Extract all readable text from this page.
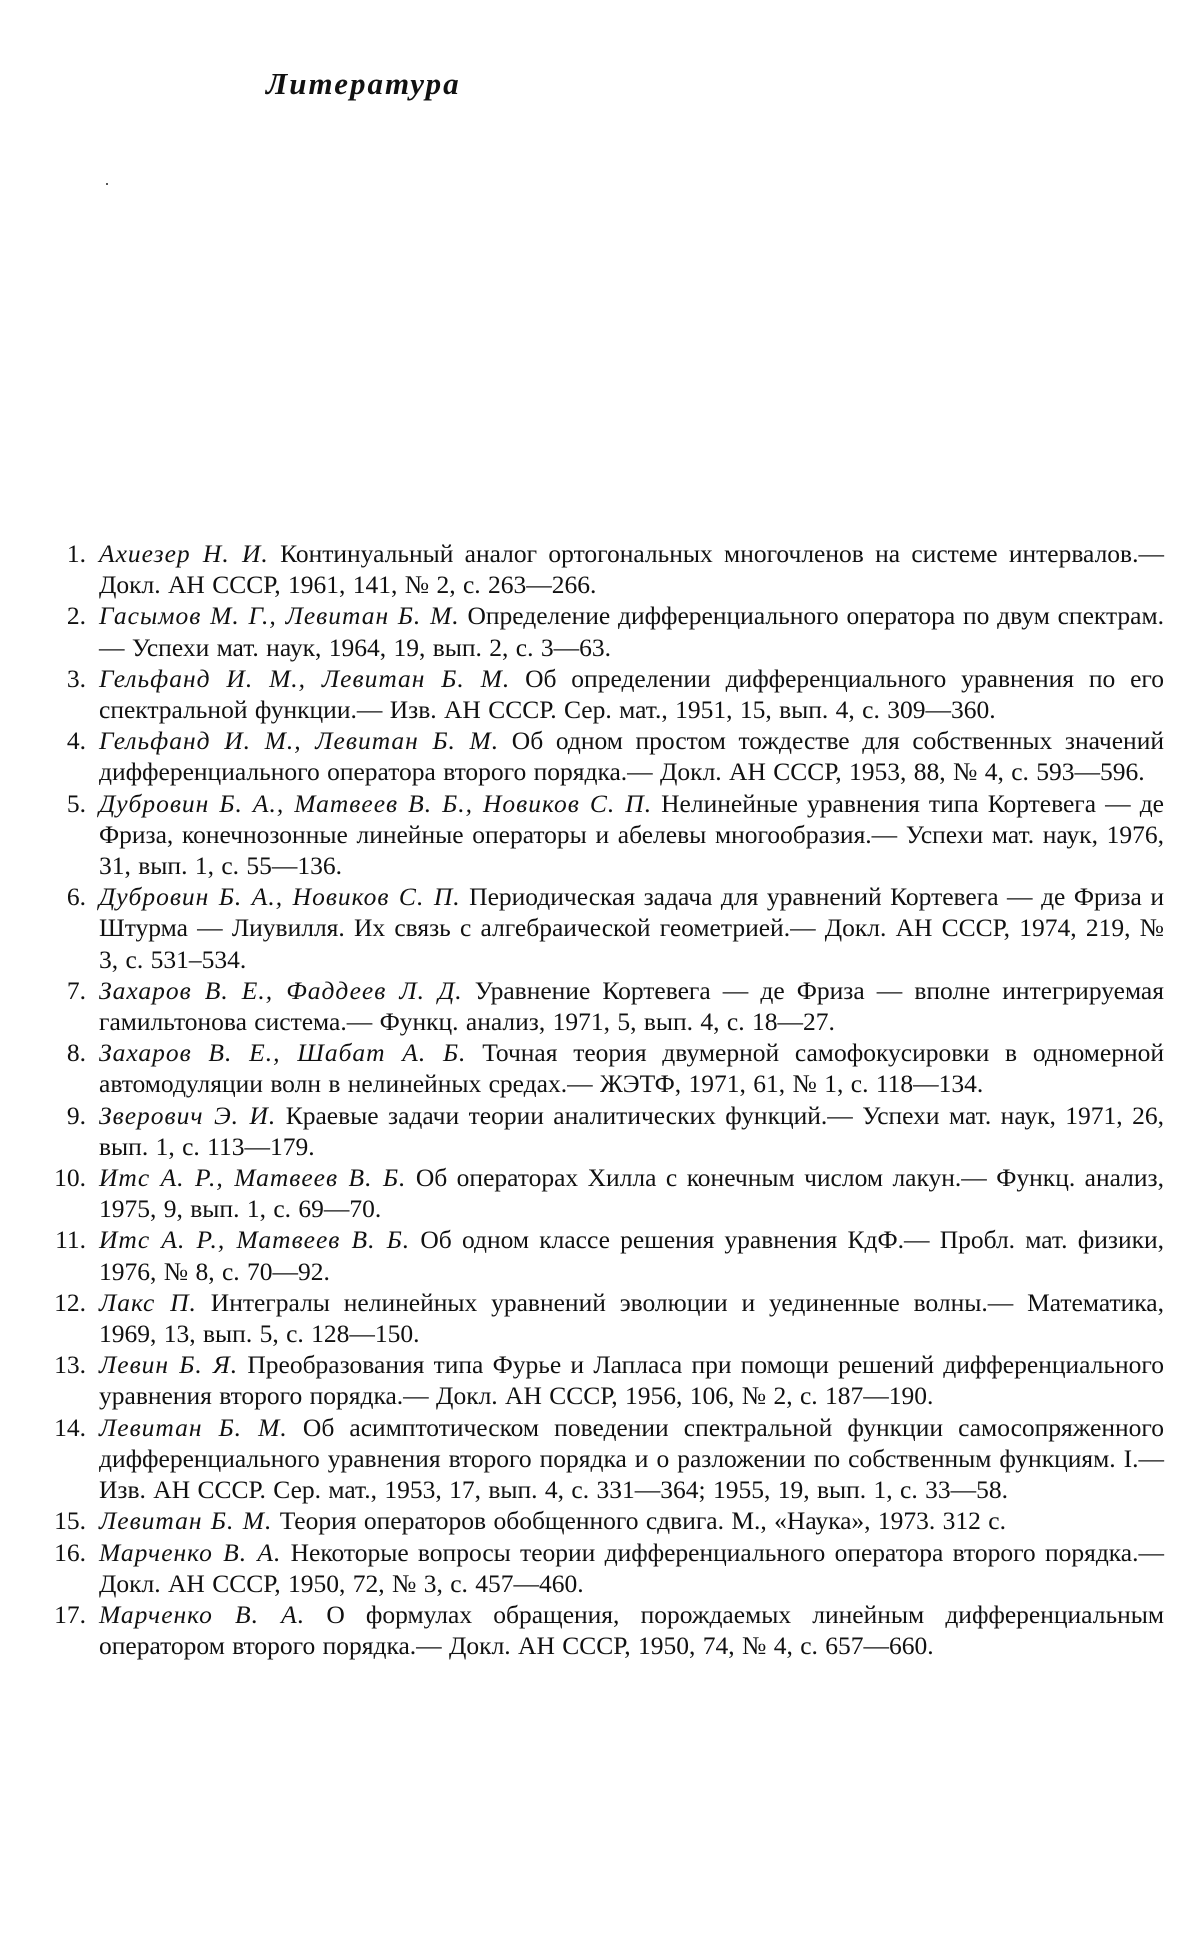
Литература
1. Ахиезер Н. И. Континуальный аналог ортогональных многочленов на системе интервалов.— Докл. АН СССР, 1961, 141, № 2, с. 263—266.
2. Гасымов М. Г., Левитан Б. М. Определение дифференциального оператора по двум спектрам.— Успехи мат. наук, 1964, 19, вып. 2, с. 3—63.
3. Гельфанд И. М., Левитан Б. М. Об определении дифференциального уравнения по его спектральной функции.— Изв. АН СССР. Сер. мат., 1951, 15, вып. 4, с. 309—360.
4. Гельфанд И. М., Левитан Б. М. Об одном простом тождестве для собственных значений дифференциального оператора второго порядка.— Докл. АН СССР, 1953, 88, № 4, с. 593—596.
5. Дубровин Б. А., Матвеев В. Б., Новиков С. П. Нелинейные уравнения типа Кортевега — де Фриза, конечнозонные линейные операторы и абелевы многообразия.— Успехи мат. наук, 1976, 31, вып. 1, с. 55—136.
6. Дубровин Б. А., Новиков С. П. Периодическая задача для уравнений Кортевега — де Фриза и Штурма — Лиувилля. Их связь с алгебраической геометрией.— Докл. АН СССР, 1974, 219, № 3, с. 531–534.
7. Захаров В. Е., Фаддеев Л. Д. Уравнение Кортевега — де Фриза — вполне интегрируемая гамильтонова система.— Функц. анализ, 1971, 5, вып. 4, с. 18—27.
8. Захаров В. Е., Шабат А. Б. Точная теория двумерной самофокусировки в одномерной автомодуляции волн в нелинейных средах.— ЖЭТФ, 1971, 61, № 1, с. 118—134.
9. Зверович Э. И. Краевые задачи теории аналитических функций.— Успехи мат. наук, 1971, 26, вып. 1, с. 113—179.
10. Итс А. Р., Матвеев В. Б. Об операторах Хилла с конечным числом лакун.— Функц. анализ, 1975, 9, вып. 1, с. 69—70.
11. Итс А. Р., Матвеев В. Б. Об одном классе решения уравнения КдФ.— Пробл. мат. физики, 1976, № 8, с. 70—92.
12. Лакс П. Интегралы нелинейных уравнений эволюции и уединенные волны.— Математика, 1969, 13, вып. 5, с. 128—150.
13. Левин Б. Я. Преобразования типа Фурье и Лапласа при помощи решений дифференциального уравнения второго порядка.— Докл. АН СССР, 1956, 106, № 2, с. 187—190.
14. Левитан Б. М. Об асимптотическом поведении спектральной функции самосопряженного дифференциального уравнения второго порядка и о разложении по собственным функциям. I.— Изв. АН СССР. Сер. мат., 1953, 17, вып. 4, с. 331—364; 1955, 19, вып. 1, с. 33—58.
15. Левитан Б. М. Теория операторов обобщенного сдвига. М., «Наука», 1973. 312 с.
16. Марченко В. А. Некоторые вопросы теории дифференциального оператора второго порядка.— Докл. АН СССР, 1950, 72, № 3, с. 457—460.
17. Марченко В. А. О формулах обращения, порождаемых линейным дифференциальным оператором второго порядка.— Докл. АН СССР, 1950, 74, № 4, с. 657—660.
